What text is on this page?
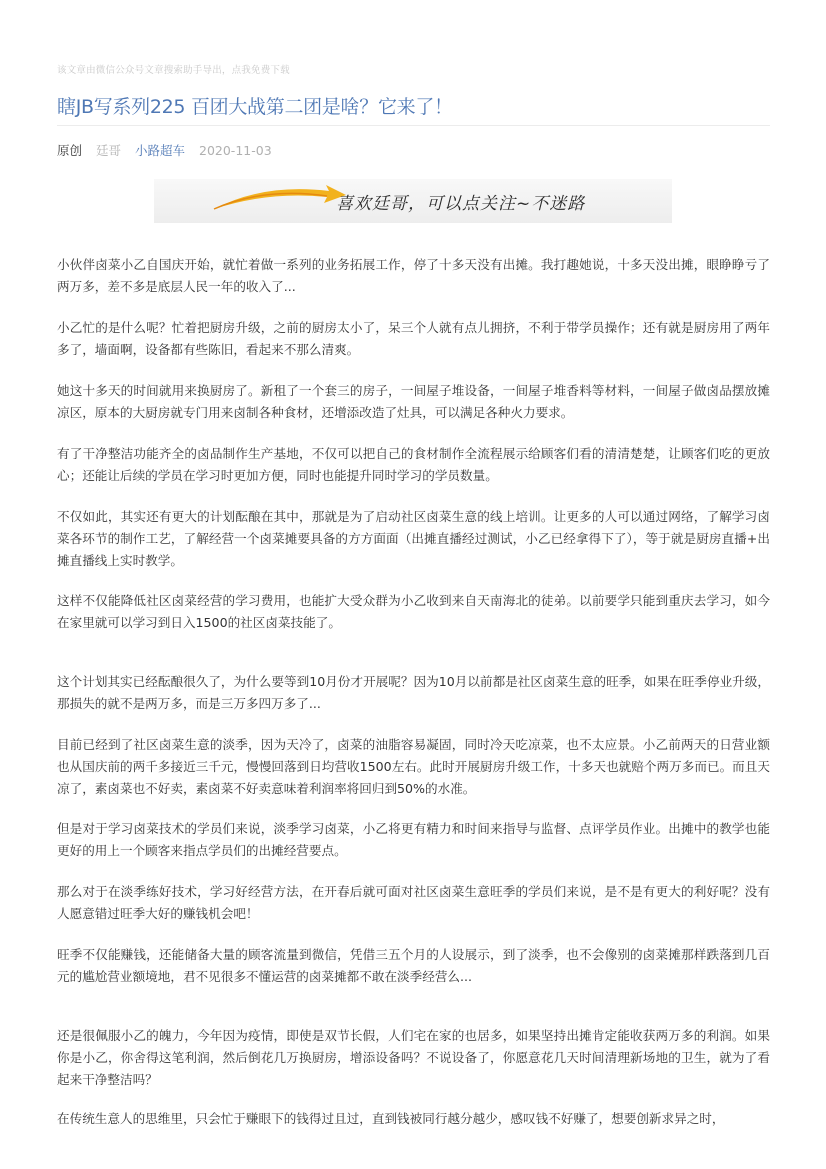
该文章由微信公众号文章搜索助手导出，点我免费下载
瞎JB写系列225 百团大战第二团是啥？它来了！
原创 廷哥 小路超车 2020-11-03
喜欢廷哥，可以点关注~不迷路

小伙伴卤菜小乙自国庆开始，就忙着做一系列的业务拓展工作，停了十多天没有出摊。我打趣她说，十多天没出摊，眼睁睁亏了两万多，差不多是底层人民一年的收入了...

小乙忙的是什么呢？忙着把厨房升级，之前的厨房太小了，呆三个人就有点儿拥挤，不利于带学员操作；还有就是厨房用了两年多了，墙面啊，设备都有些陈旧，看起来不那么清爽。

她这十多天的时间就用来换厨房了。新租了一个套三的房子，一间屋子堆设备，一间屋子堆香料等材料，一间屋子做卤品摆放摊凉区，原本的大厨房就专门用来卤制各种食材，还增添改造了灶具，可以满足各种火力要求。

有了干净整洁功能齐全的卤品制作生产基地，不仅可以把自己的食材制作全流程展示给顾客们看的清清楚楚，让顾客们吃的更放心；还能让后续的学员在学习时更加方便，同时也能提升同时学习的学员数量。

不仅如此，其实还有更大的计划酝酿在其中，那就是为了启动社区卤菜生意的线上培训。让更多的人可以通过网络，了解学习卤菜各环节的制作工艺，了解经营一个卤菜摊要具备的方方面面（出摊直播经过测试，小乙已经拿得下了），等于就是厨房直播+出摊直播线上实时教学。

这样不仅能降低社区卤菜经营的学习费用，也能扩大受众群为小乙收到来自天南海北的徒弟。以前要学只能到重庆去学习，如今在家里就可以学习到日入1500的社区卤菜技能了。

这个计划其实已经酝酿很久了，为什么要等到10月份才开展呢？因为10月以前都是社区卤菜生意的旺季，如果在旺季停业升级，那损失的就不是两万多，而是三万多四万多了...

目前已经到了社区卤菜生意的淡季，因为天冷了，卤菜的油脂容易凝固，同时冷天吃凉菜，也不太应景。小乙前两天的日营业额也从国庆前的两千多接近三千元，慢慢回落到日均营收1500左右。此时开展厨房升级工作，十多天也就赔个两万多而已。而且天凉了，素卤菜也不好卖，素卤菜不好卖意味着利润率将回归到50%的水准。

但是对于学习卤菜技术的学员们来说，淡季学习卤菜，小乙将更有精力和时间来指导与监督、点评学员作业。出摊中的教学也能更好的用上一个顾客来指点学员们的出摊经营要点。

那么对于在淡季练好技术，学习好经营方法，在开春后就可面对社区卤菜生意旺季的学员们来说，是不是有更大的利好呢？没有人愿意错过旺季大好的赚钱机会吧！

旺季不仅能赚钱，还能储备大量的顾客流量到微信，凭借三五个月的人设展示，到了淡季，也不会像别的卤菜摊那样跌落到几百元的尴尬营业额境地，君不见很多不懂运营的卤菜摊都不敢在淡季经营么...

还是很佩服小乙的魄力，今年因为疫情，即使是双节长假，人们宅在家的也居多，如果坚持出摊肯定能收获两万多的利润。如果你是小乙，你舍得这笔利润，然后倒花几万换厨房，增添设备吗？不说设备了，你愿意花几天时间清理新场地的卫生，就为了看起来干净整洁吗？

在传统生意人的思维里，只会忙于赚眼下的钱得过且过，直到钱被同行越分越少，感叹钱不好赚了，想要创新求异之时，
